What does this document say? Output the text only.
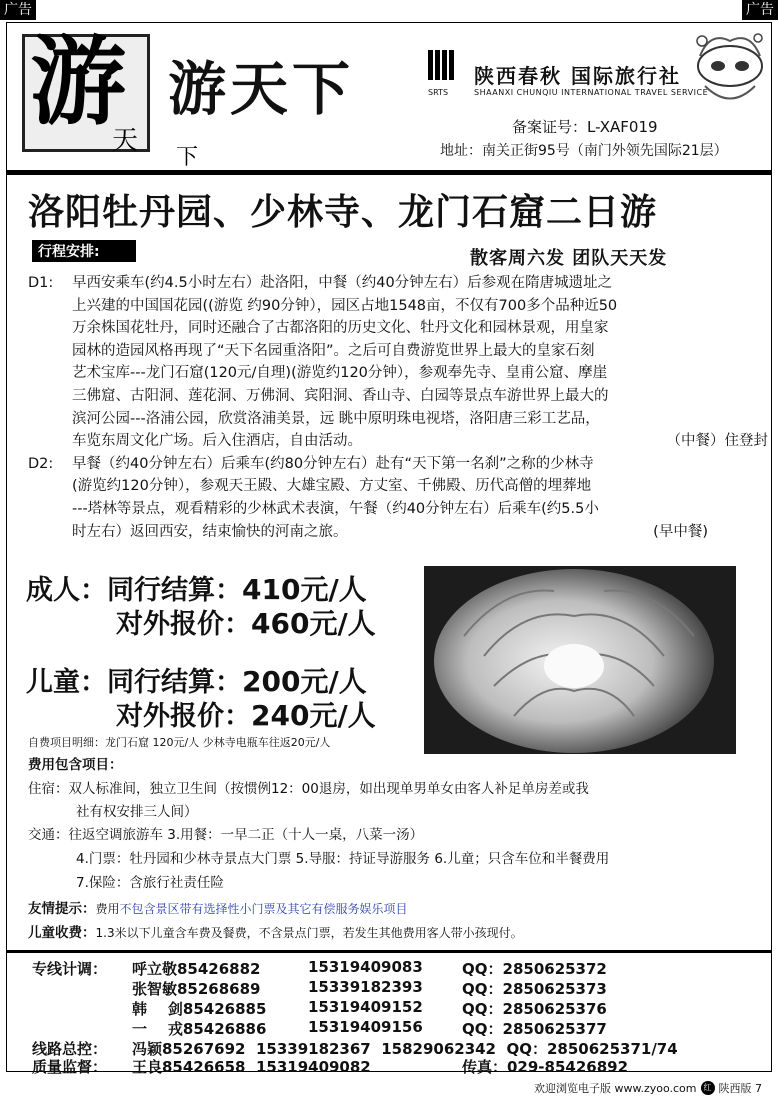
广告	广告
游
天
下
游天下	SRTS
陕西春秋 国际旅行社
SHAANXI CHUNQIU INTERNATIONAL TRAVEL SERVICE
备案证号：L-XAF019
地址：南关正街95号（南门外领先国际21层）
洛阳牡丹园、少林寺、龙门石窟二日游
行程安排:	散客周六发 团队天天发
D1:	早西安乘车(约4.5小时左右）赴洛阳，中餐（约40分钟左右）后参观在隋唐城遗址之
上兴建的中国国花园((游览 约90分钟），园区占地1548亩，不仅有700多个品种近50
万余株国花牡丹，同时还融合了古都洛阳的历史文化、牡丹文化和园林景观，用皇家
园林的造园风格再现了“天下名园重洛阳”。之后可自费游览世界上最大的皇家石刻
艺术宝库---龙门石窟(120元/自理)(游览约120分钟），参观奉先寺、皇甫公窟、摩崖
三佛窟、古阳洞、莲花洞、万佛洞、宾阳洞、香山寺、白园等景点车游世界上最大的
滨河公园---洛浦公园，欣赏洛浦美景，远 眺中原明珠电视塔，洛阳唐三彩工艺品，
车览东周文化广场。后入住酒店，自由活动。	（中餐）住登封
D2:	早餐（约40分钟左右）后乘车(约80分钟左右）赴有“天下第一名刹”之称的少林寺
(游览约120分钟），参观天王殿、大雄宝殿、方丈室、千佛殿、历代高僧的埋葬地
---塔林等景点，观看精彩的少林武术表演，午餐（约40分钟左右）后乘车(约5.5小
时左右）返回西安，结束愉快的河南之旅。	(早中餐)
成人：同行结算：410元/人
对外报价：460元/人
儿童：同行结算：200元/人
对外报价：240元/人
自费项目明细：龙门石窟 120元/人 少林寺电瓶车往返20元/人
费用包含项目：
住宿：双人标准间，独立卫生间（按惯例12：00退房，如出现单男单女由客人补足单房差或我
社有权安排三人间）
交通：往返空调旅游车 3.用餐：一早二正（十人一桌，八菜一汤）
4.门票：牡丹园和少林寺景点大门票 5.导服：持证导游服务 6.儿童；只含车位和半餐费用
7.保险：含旅行社责任险
友情提示：费用不包含景区带有选择性小门票及其它有偿服务娱乐项目
儿童收费：1.3米以下儿童含车费及餐费，不含景点门票，若发生其他费用客人带小孩现付。
专线计调： 呼立敬85426882	15319409083	QQ：2850625372
张智敏85268689	15339182393	QQ：2850625373
韩    剑85426885	15319409152	QQ：2850625376
一    戎85426886	15319409156	QQ：2850625377
线路总控： 冯颖85267692  15339182367  15829062342  QQ：2850625371/74
质量监督： 王良85426658  15319409082	传真：029-85426892
欢迎浏览电子版 www.zyoo.com 红 陕西版 7
